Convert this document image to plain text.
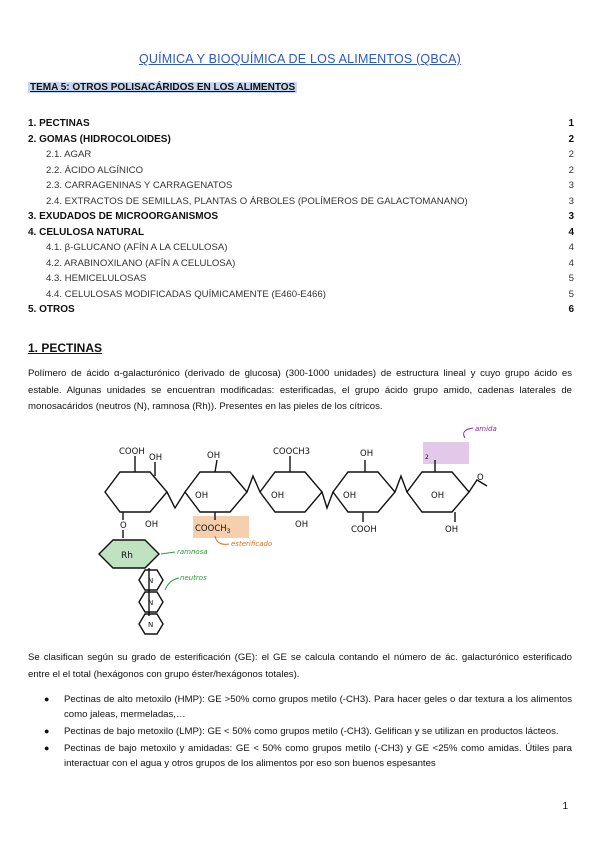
QUÍMICA Y BIOQUÍMICA DE LOS ALIMENTOS (QBCA)
TEMA 5: OTROS POLISACÁRIDOS EN LOS ALIMENTOS
1. PECTINAS	1
2. GOMAS (HIDROCOLOIDES)	2
2.1. AGAR	2
2.2. ÁCIDO ALGÍNICO	2
2.3. CARRAGENINAS Y CARRAGENATOS	3
2.4. EXTRACTOS DE SEMILLAS, PLANTAS O ÁRBOLES (POLÍMEROS DE GALACTOMANANO)	3
3. EXUDADOS DE MICROORGANISMOS	3
4. CELULOSA NATURAL	4
4.1. β-GLUCANO (AFÍN A LA CELULOSA)	4
4.2. ARABINOXILANO (AFÍN A CELULOSA)	4
4.3. HEMICELULOSAS	5
4.4. CELULOSAS MODIFICADAS QUÍMICAMENTE (E460-E466)	5
5. OTROS	6
1. PECTINAS
Polímero de ácido α-galacturónico (derivado de glucosa) (300-1000 unidades) de estructura lineal y cuyo grupo ácido es estable. Algunas unidades se encuentran modificadas: esterificadas, el grupo ácido grupo amido, cadenas laterales de monosacáridos (neutros (N), ramnosa (Rh)). Presentes en las pieles de los cítricos.
COOH
OH
O OH
OH
OH
$COOCH_3$
COOCH3
OH
OH
OH
OH
COOH
$_2$
OH
OH
O
Rh
N
N
N
amida
esterificado
ramnosa
neutros
Se clasifican según su grado de esterificación (GE): el GE se calcula contando el número de ác. galacturónico esterificado entre el el total (hexágonos con grupo éster/hexágonos totales).
● Pectinas de alto metoxilo (HMP): GE >50% como grupos metilo (-CH3). Para hacer geles o dar textura a los alimentos como jaleas, mermeladas,…
● Pectinas de bajo metoxilo (LMP): GE < 50% como grupos metilo (-CH3). Gelifican y se utilizan en productos lácteos.
● Pectinas de bajo metoxilo y amidadas: GE < 50% como grupos metilo (-CH3) y GE <25% como amidas. Útiles para interactuar con el agua y otros grupos de los alimentos por eso son buenos espesantes
1
